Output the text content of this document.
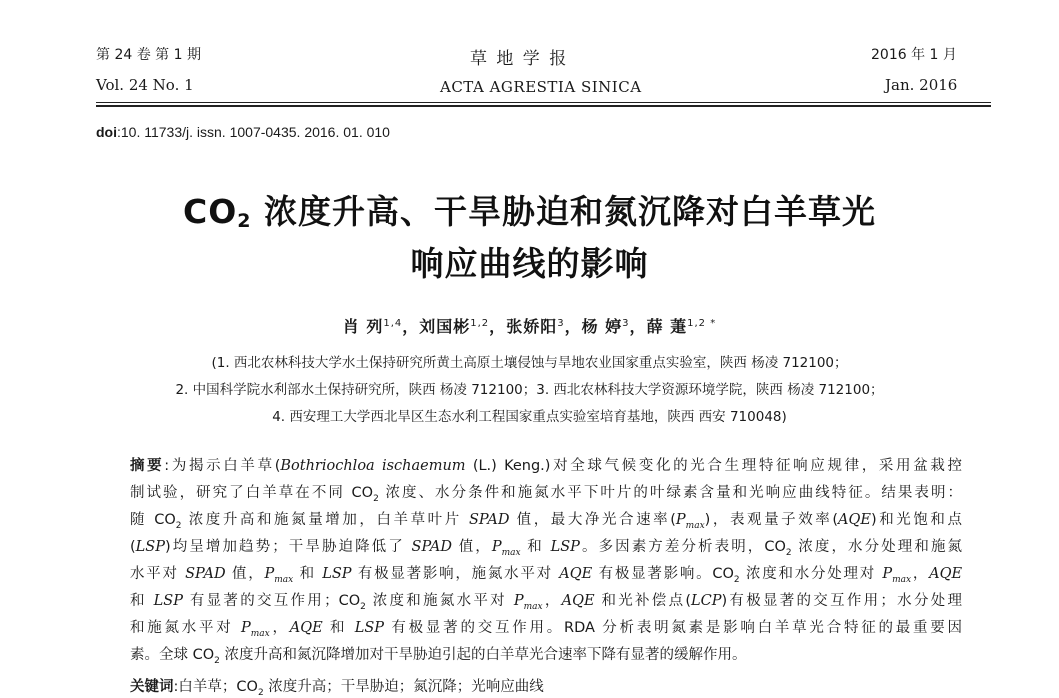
第 24 卷 第 1 期	草 地 学 报	2016 年 1 月
Vol. 24 No. 1	ACTA AGRESTIA SINICA	Jan. 2016
doi:10. 11733/j. issn. 1007-0435. 2016. 01. 010
$CO_2$ 浓度升高、干旱胁迫和氮沉降对白羊草光
响应曲线的影响
肖 列$^{1,4}$，刘国彬$^{1,2}$，张娇阳$^3$，杨 婷$^3$，薛 萐$^{1,2 *}$
(1. 西北农林科技大学水土保持研究所黄土高原土壤侵蚀与旱地农业国家重点实验室，陕西 杨凌 712100；
2. 中国科学院水利部水土保持研究所，陕西 杨凌 712100；3. 西北农林科技大学资源环境学院，陕西 杨凌 712100；
4. 西安理工大学西北旱区生态水利工程国家重点实验室培育基地，陕西 西安 710048)
摘要:为揭示白羊草(Bothriochloa ischaemum (L.) Keng.)对全球气候变化的光合生理特征响应规律，采用盆栽控
制试验，研究了白羊草在不同 $CO_2$ 浓度、水分条件和施氮水平下叶片的叶绿素含量和光响应曲线特征。结果表明：
随 $CO_2$ 浓度升高和施氮量增加，白羊草叶片 SPAD 值，最大净光合速率$(P_{max})$，表观量子效率(AQE)和光饱和点
(LSP)均呈增加趋势；干旱胁迫降低了 SPAD 值，$P_{max}$ 和 LSP。多因素方差分析表明，$CO_2$ 浓度，水分处理和施氮
水平对 SPAD 值，$P_{max}$ 和 LSP 有极显著影响，施氮水平对 AQE 有极显著影响。$CO_2$ 浓度和水分处理对 $P_{max}$，AQE
和 LSP 有显著的交互作用；$CO_2$ 浓度和施氮水平对 $P_{max}$，AQE 和光补偿点(LCP)有极显著的交互作用；水分处理
和施氮水平对 $P_{max}$，AQE 和 LSP 有极显著的交互作用。RDA 分析表明氮素是影响白羊草光合特征的最重要因
素。全球 $CO_2$ 浓度升高和氮沉降增加对干旱胁迫引起的白羊草光合速率下降有显著的缓解作用。
关键词:白羊草；$CO_2$ 浓度升高；干旱胁迫；氮沉降；光响应曲线
